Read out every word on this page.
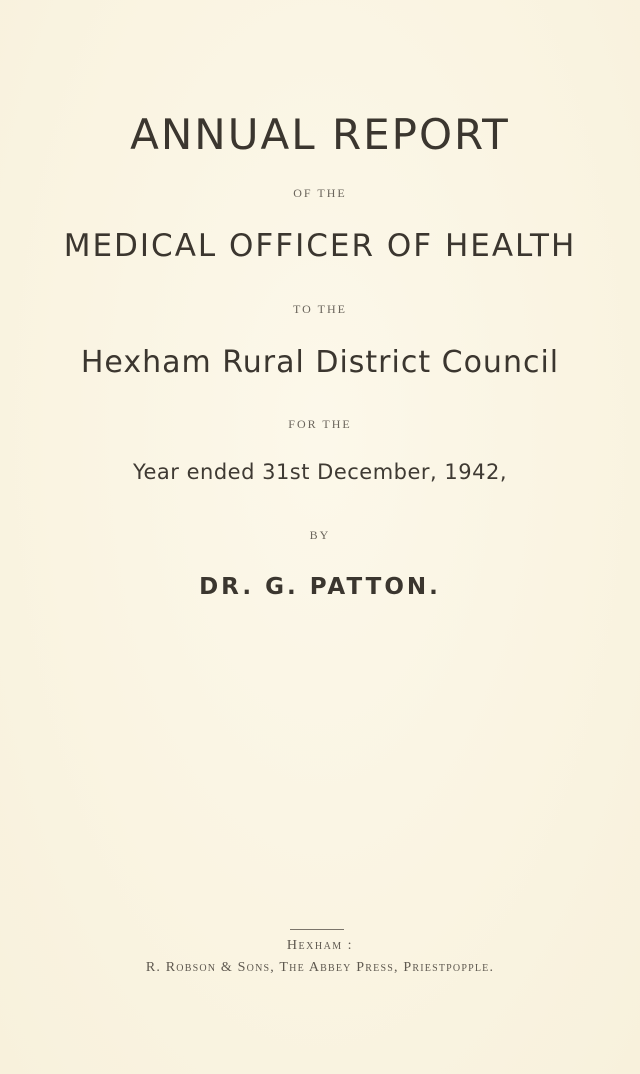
ANNUAL REPORT
OF THE
MEDICAL OFFICER OF HEALTH
TO THE
Hexham Rural District Council
FOR THE
Year ended 31st December, 1942,
BY
DR. G. PATTON.
Hexham :
R. Robson & Sons, The Abbey Press, Priestpopple.
